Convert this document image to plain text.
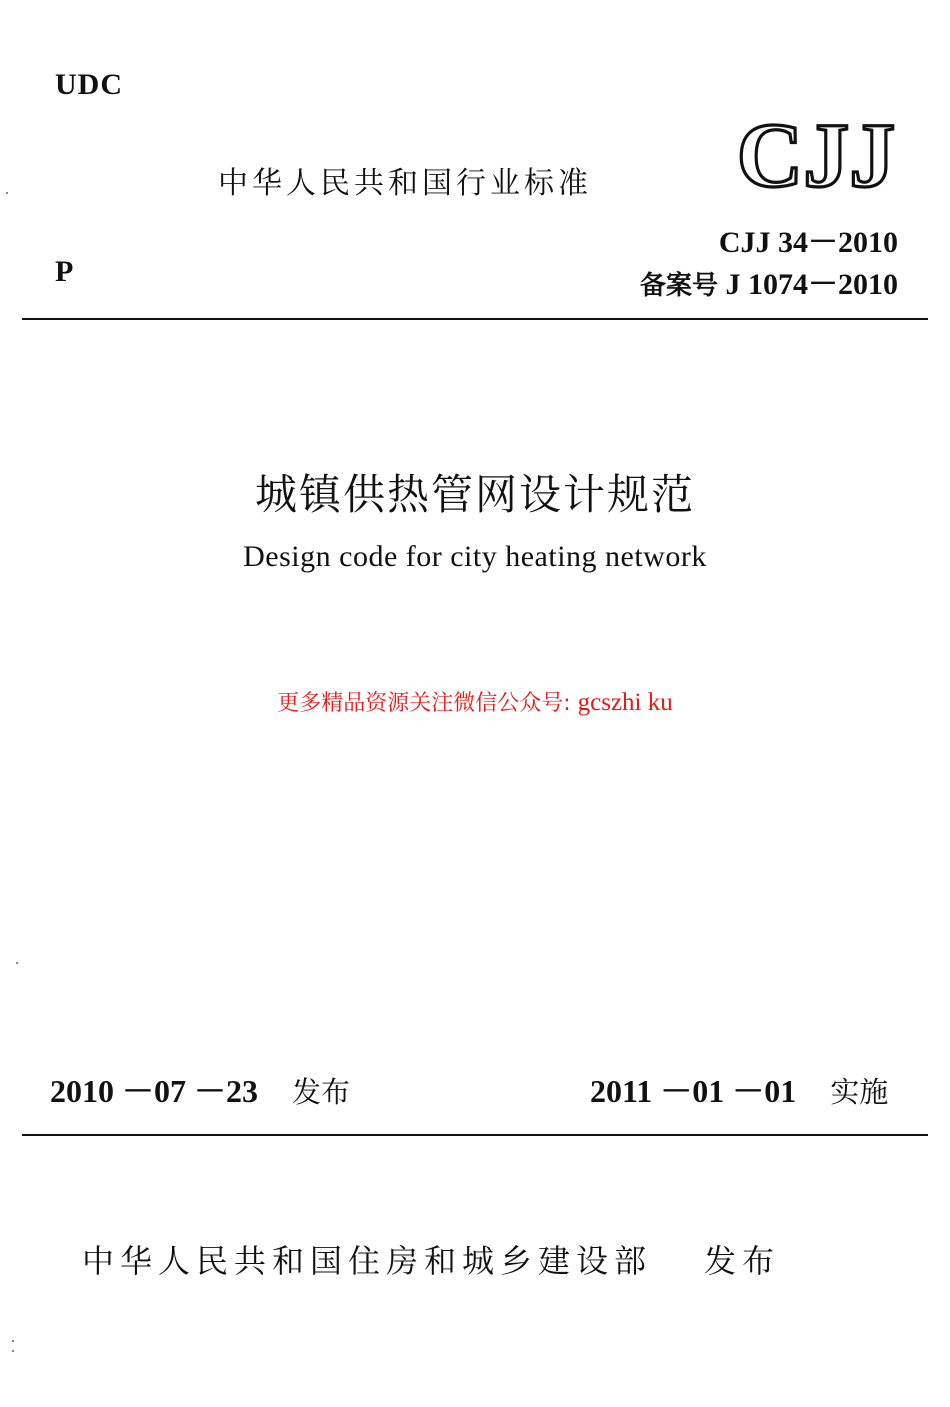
UDC
中华人民共和国行业标准 CJJ
P
CJJ 34－2010
备案号 J 1074－2010
城镇供热管网设计规范
Design code for city heating network
更多精品资源关注微信公众号: gcszhi ku
2010 －07 －23 发布	2011 －01 －01 实施
中华人民共和国住房和城乡建设部 发布
